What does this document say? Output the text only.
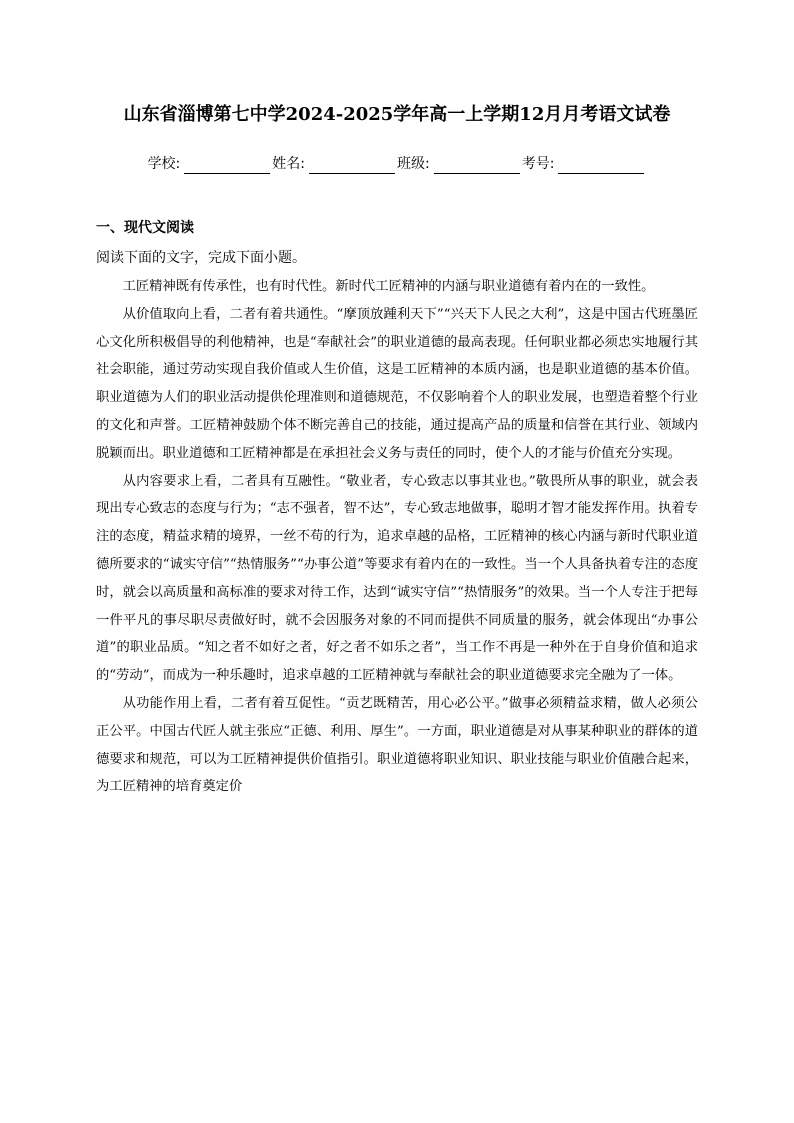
山东省淄博第七中学2024-2025学年高一上学期12月月考语文试卷
学校:	姓名:	班级:	考号:
一、现代文阅读
阅读下面的文字，完成下面小题。

工匠精神既有传承性，也有时代性。新时代工匠精神的内涵与职业道德有着内在的一致性。

从价值取向上看，二者有着共通性。“摩顶放踵利天下”“兴天下人民之大利”，这是中国古代班墨匠心文化所积极倡导的利他精神，也是“奉献社会”的职业道德的最高表现。任何职业都必须忠实地履行其社会职能，通过劳动实现自我价值或人生价值，这是工匠精神的本质内涵，也是职业道德的基本价值。职业道德为人们的职业活动提供伦理准则和道德规范，不仅影响着个人的职业发展，也塑造着整个行业的文化和声誉。工匠精神鼓励个体不断完善自己的技能，通过提高产品的质量和信誉在其行业、领域内脱颖而出。职业道德和工匠精神都是在承担社会义务与责任的同时，使个人的才能与价值充分实现。

从内容要求上看，二者具有互融性。“敬业者，专心致志以事其业也。”敬畏所从事的职业，就会表现出专心致志的态度与行为；“志不强者，智不达”，专心致志地做事，聪明才智才能发挥作用。执着专注的态度，精益求精的境界，一丝不苟的行为，追求卓越的品格，工匠精神的核心内涵与新时代职业道德所要求的“诚实守信”“热情服务”“办事公道”等要求有着内在的一致性。当一个人具备执着专注的态度时，就会以高质量和高标准的要求对待工作，达到“诚实守信”“热情服务”的效果。当一个人专注于把每一件平凡的事尽职尽责做好时，就不会因服务对象的不同而提供不同质量的服务，就会体现出“办事公道”的职业品质。“知之者不如好之者，好之者不如乐之者”，当工作不再是一种外在于自身价值和追求的“劳动”，而成为一种乐趣时，追求卓越的工匠精神就与奉献社会的职业道德要求完全融为了一体。

从功能作用上看，二者有着互促性。“贡艺既精苦，用心必公平。”做事必须精益求精，做人必须公正公平。中国古代匠人就主张应“正德、利用、厚生”。一方面，职业道德是对从事某种职业的群体的道德要求和规范，可以为工匠精神提供价值指引。职业道德将职业知识、职业技能与职业价值融合起来，为工匠精神的培育奠定价
